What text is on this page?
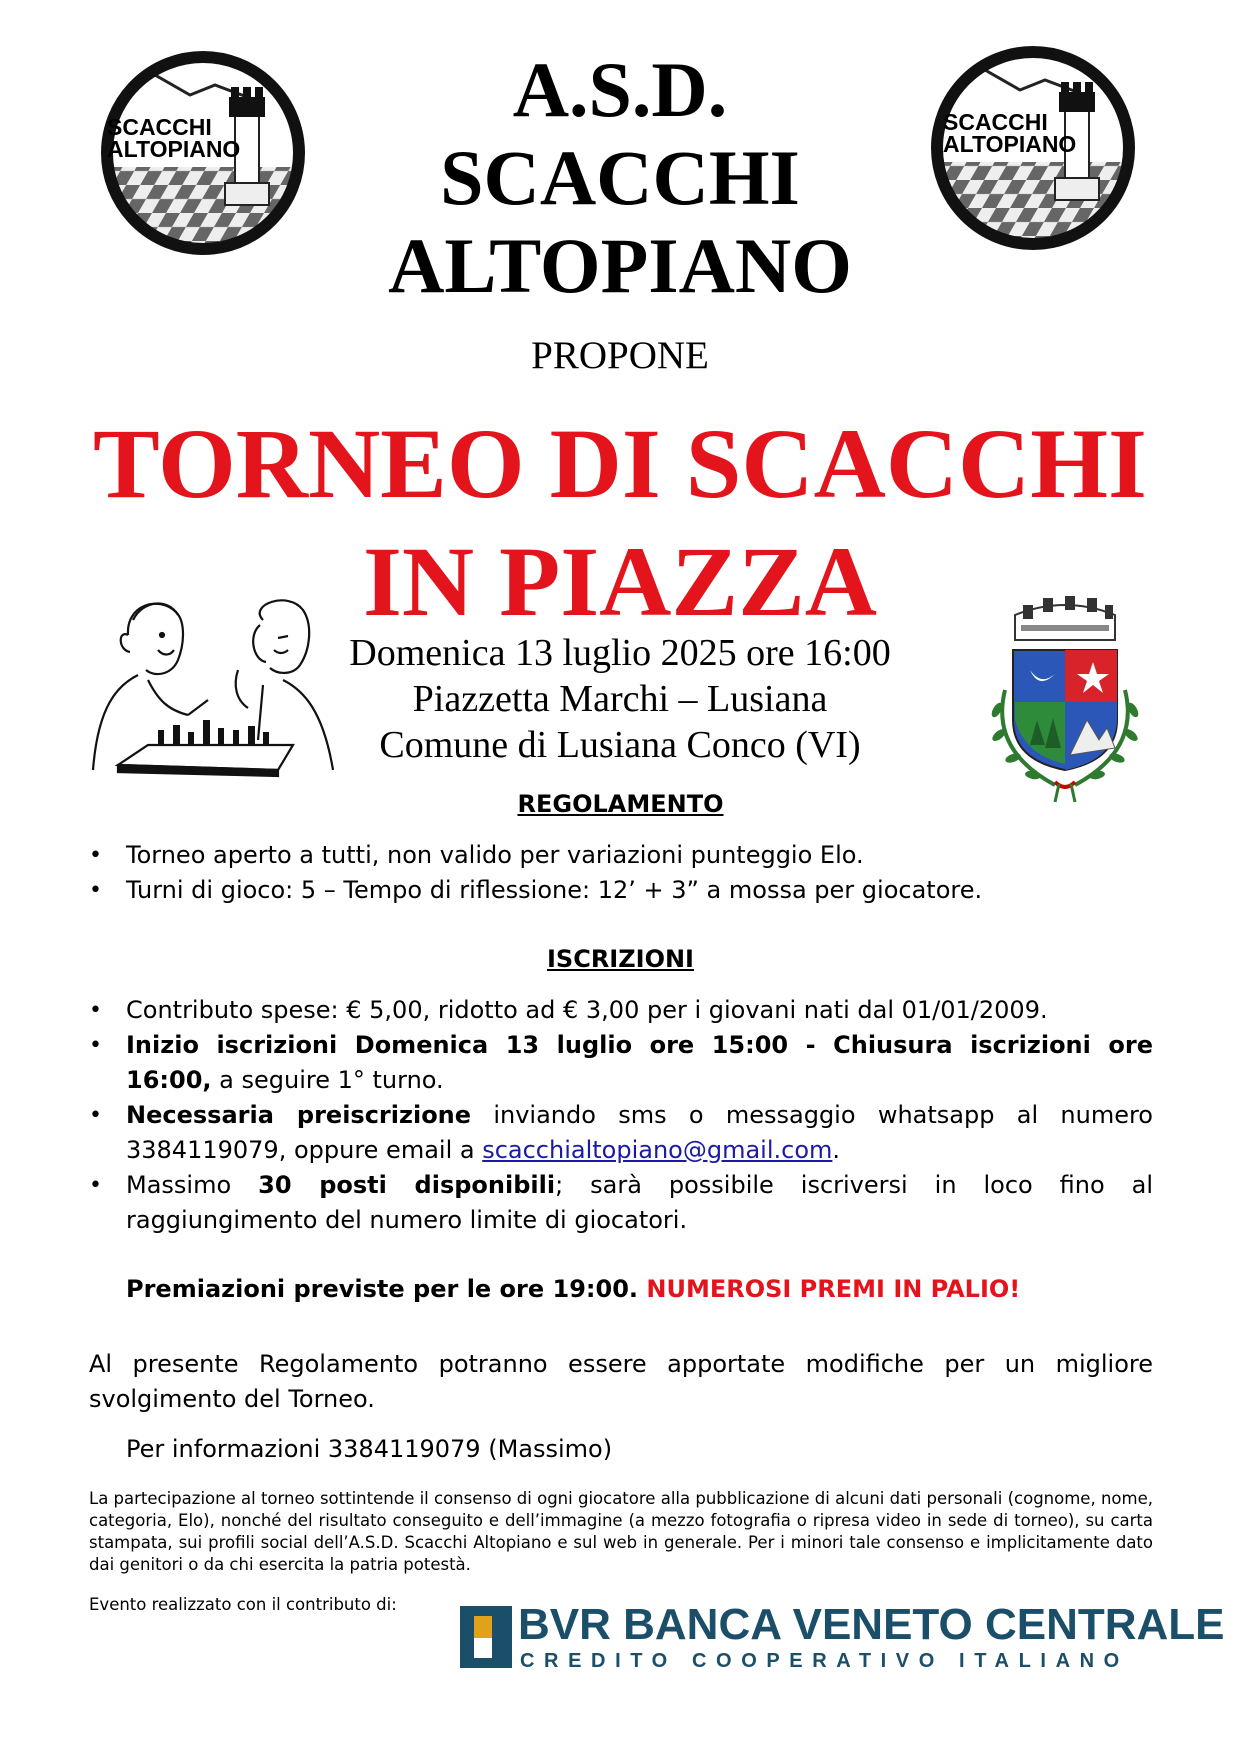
SCACCHI
ALTOPIANO
SCACCHI
ALTOPIANO
A.S.D.
SCACCHI
ALTOPIANO
PROPONE
TORNEO DI SCACCHI
IN PIAZZA
Domenica 13 luglio 2025 ore 16:00
Piazzetta Marchi – Lusiana
Comune di Lusiana Conco (VI)
REGOLAMENTO
• Torneo aperto a tutti, non valido per variazioni punteggio Elo.
• Turni di gioco: 5 – Tempo di riflessione: 12’ + 3” a mossa per giocatore.
ISCRIZIONI
• Contributo spese: € 5,00, ridotto ad € 3,00 per i giovani nati dal 01/01/2009.
• Inizio iscrizioni Domenica 13 luglio ore 15:00 - Chiusura iscrizioni ore 16:00, a seguire 1° turno.
• Necessaria preiscrizione inviando sms o messaggio whatsapp al numero 3384119079, oppure email a scacchialtopiano@gmail.com.
• Massimo 30 posti disponibili; sarà possibile iscriversi in loco fino al raggiungimento del numero limite di giocatori.
Premiazioni previste per le ore 19:00. NUMEROSI PREMI IN PALIO!
Al presente Regolamento potranno essere apportate modifiche per un migliore svolgimento del Torneo.
Per informazioni 3384119079 (Massimo)
La partecipazione al torneo sottintende il consenso di ogni giocatore alla pubblicazione di alcuni dati personali (cognome, nome, categoria, Elo), nonché del risultato conseguito e dell’immagine (a mezzo fotografia o ripresa video in sede di torneo), su carta stampata, sui profili social dell’A.S.D. Scacchi Altopiano e sul web in generale. Per i minori tale consenso e implicitamente dato dai genitori o da chi esercita la patria potestà.
Evento realizzato con il contributo di:	BVR BANCA VENETO CENTRALE
CREDITO COOPERATIVO ITALIANO
